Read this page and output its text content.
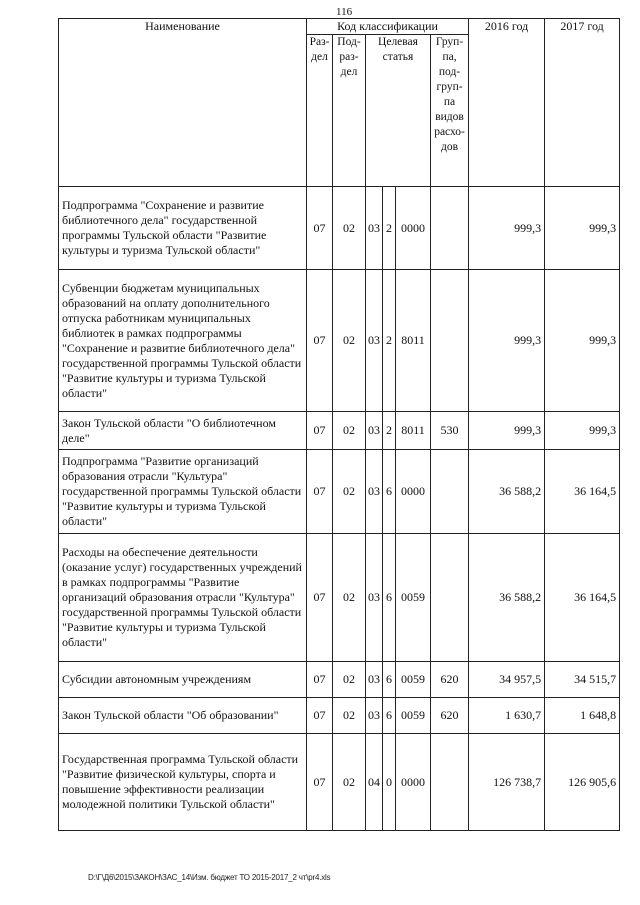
116
Наименование	Код классификации						2016 год	2017 год
	Раз-дел	Под-раз-дел	Целевая статья			Груп-па, под-груп-па видов расхо-дов		
Подпрограмма "Сохранение и развитие библиотечного дела" государственной программы Тульской области "Развитие культуры и туризма Тульской области"	07	02	03	2	0000		999,3	999,3
Субвенции бюджетам муниципальных образований на оплату дополнительного отпуска работникам муниципальных библиотек в рамках подпрограммы "Сохранение и развитие библиотечного дела" государственной программы Тульской области "Развитие культуры и туризма Тульской области"	07	02	03	2	8011		999,3	999,3
Закон Тульской области "О библиотечном деле"	07	02	03	2	8011	530	999,3	999,3
Подпрограмма "Развитие организаций образования отрасли "Культура" государственной программы Тульской области "Развитие культуры и туризма Тульской области"	07	02	03	6	0000		36 588,2	36 164,5
Расходы на обеспечение деятельности (оказание услуг) государственных учреждений в рамках подпрограммы "Развитие организаций образования отрасли "Культура" государственной программы Тульской области "Развитие культуры и туризма Тульской области"	07	02	03	6	0059		36 588,2	36 164,5
Субсидии автономным учреждениям	07	02	03	6	0059	620	34 957,5	34 515,7
Закон Тульской области "Об образовании"	07	02	03	6	0059	620	1 630,7	1 648,8
Государственная программа Тульской области "Развитие физической культуры, спорта и повышение эффективности реализации молодежной политики Тульской области"	07	02	04	0	0000		126 738,7	126 905,6
D:\Г\Д6\2015\ЗАКОН\ЗАС_14\Изм. бюджет ТО 2015-2017_2 чт\pr4.xls
